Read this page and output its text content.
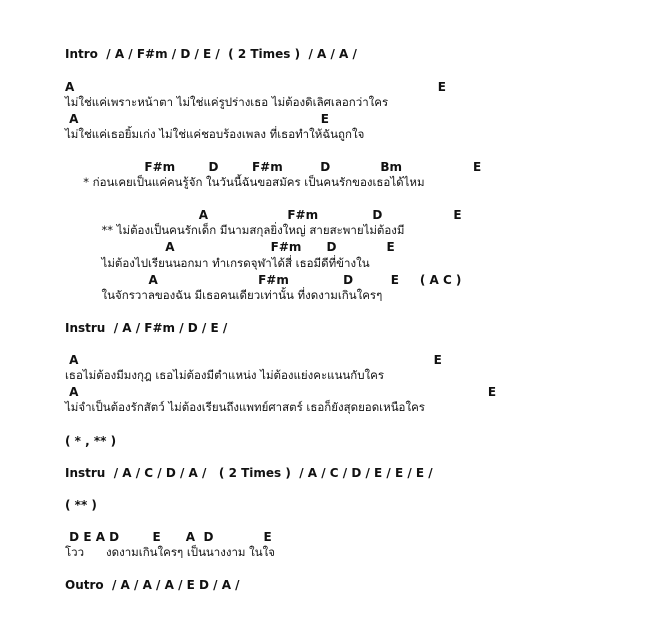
Intro  / A / F#m / D / E /  ( 2 Times )  / A / A /
A                                                                                       E
ไม่ใช่แค่เพราะหน้าตา ไม่ใช่แค่รูปร่างเธอ ไม่ต้องดิเลิศเลอกว่าใคร
A                                                          E
ไม่ใช่แค่เธอยิ้มเก่ง ไม่ใช่แค่ชอบร้องเพลง ที่เธอทำให้ฉันถูกใจ
F#m        D        F#m         D            Bm                 E
* ก่อนเคยเป็นแค่คนรู้จัก ในวันนี้ฉันขอสมัคร เป็นคนรักของเธอได้ไหม
A                   F#m             D                 E
** ไม่ต้องเป็นคนรักเด็ก มีนามสกุลยิ่งใหญ่ สายสะพายไม่ต้องมี
A                       F#m      D            E
ไม่ต้องไปเรียนนอกมา ทำเกรดจุฬาได้สี่ เธอมีดีที่ข้างใน
A                        F#m             D         E     ( A C )
ในจักรวาลของฉัน มีเธอคนเดียวเท่านั้น ที่งดงามเกินใครๆ
Instru  / A / F#m / D / E /
A                                                                                     E
เธอไม่ต้องมีมงกุฎ เธอไม่ต้องมีตำแหน่ง ไม่ต้องแย่งคะแนนกับใคร
A                                                                                                  E
ไม่จำเป็นต้องรักสัตว์ ไม่ต้องเรียนถึงแพทย์ศาสตร์ เธอก็ยังสุดยอดเหนือใคร
( * , ** )
Instru  / A / C / D / A /   ( 2 Times )  / A / C / D / E / E / E /
( ** )
D E A D        E      A  D            E
โวว      งดงามเกินใครๆ เป็นนางงาม ในใจ
Outro  / A / A / A / E D / A /
